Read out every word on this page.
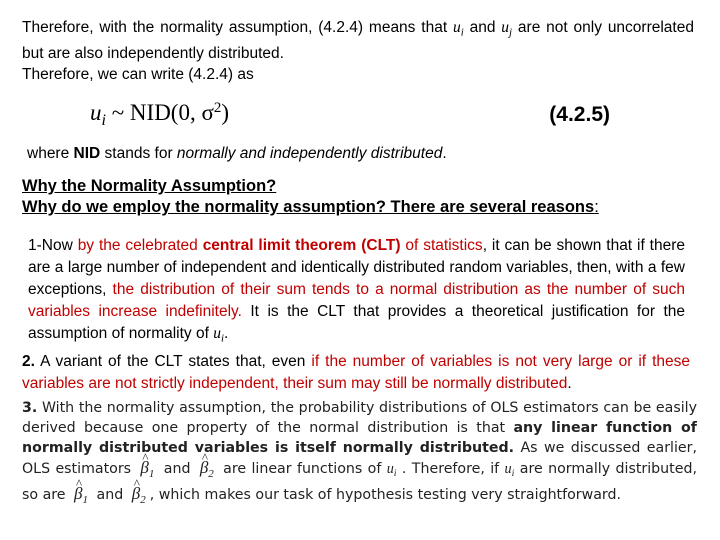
Therefore, with the normality assumption, (4.2.4) means that $u_i$ and $u_j$ are not only uncorrelated but are also independently distributed.

Therefore, we can write (4.2.4) as

$u_i$ ~ NID(0, $\sigma^2$)	(4.2.5)
where NID stands for normally and independently distributed.
Why the Normality Assumption?
Why do we employ the normality assumption? There are several reasons:
1-Now by the celebrated central limit theorem (CLT) of statistics, it can be shown that if there are a large number of independent and identically distributed random variables, then, with a few exceptions, the distribution of their sum tends to a normal distribution as the number of such variables increase indefinitely. It is the CLT that provides a theoretical justification for the assumption of normality of $u_i$.
2. A variant of the CLT states that, even if the number of variables is not very large or if these variables are not strictly independent, their sum may still be normally distributed.

3. With the normality assumption, the probability distributions of OLS estimators can be easily derived because one property of the normal distribution is that any linear function of normally distributed variables is itself normally distributed. As we discussed earlier, OLS estimators ^ $\beta_1$ and ^ $\beta_2$ are linear functions of $u_i$ . Therefore, if $u_i$ are normally distributed, so are ^ $\beta_1$ and ^ $\beta_2$ , which makes our task of hypothesis testing very straightforward.
